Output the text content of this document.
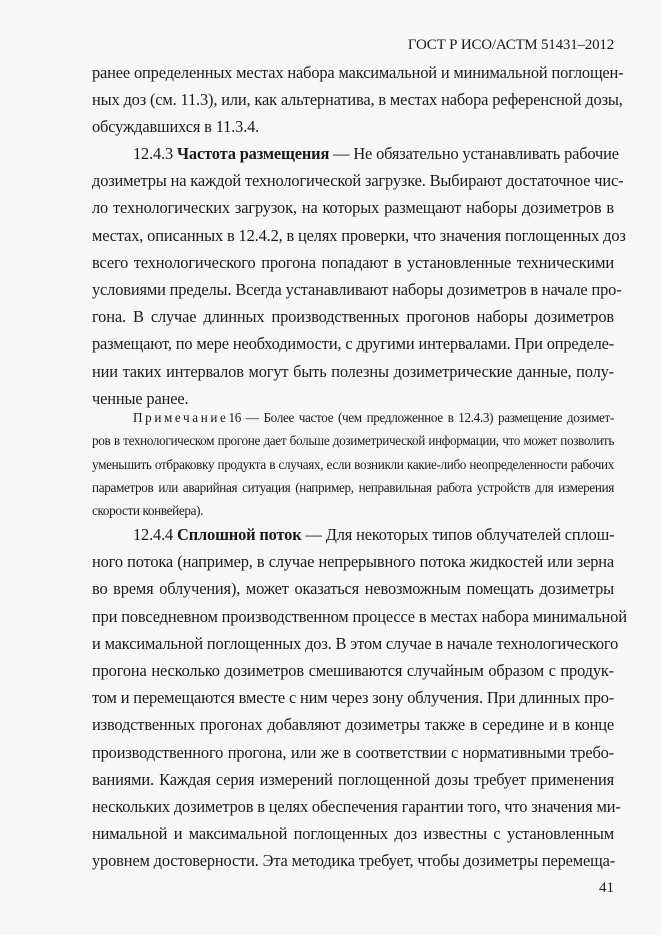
ГОСТ Р ИСО/АСТМ 51431–2012
ранее определенных местах набора максимальной и минимальной поглощен-
ных доз (см. 11.3), или, как альтернатива, в местах набора референсной дозы,
обсуждавшихся в 11.3.4.
12.4.3 Частота размещения — Не обязательно устанавливать рабочие
дозиметры на каждой технологической загрузке. Выбирают достаточное чис-
ло технологических загрузок, на которых размещают наборы дозиметров в
местах, описанных в 12.4.2, в целях проверки, что значения поглощенных доз
всего технологического прогона попадают в установленные техническими
условиями пределы. Всегда устанавливают наборы дозиметров в начале про-
гона. В случае длинных производственных прогонов наборы дозиметров
размещают, по мере необходимости, с другими интервалами. При определе-
нии таких интервалов могут быть полезны дозиметрические данные, полу-
ченные ранее.
Примечание16 — Более частое (чем предложенное в 12.4.3) размещение дозимет-
ров в технологическом прогоне дает больше дозиметрической информации, что может позволить
уменьшить отбраковку продукта в случаях, если возникли какие-либо неопределенности рабочих
параметров или аварийная ситуация (например, неправильная работа устройств для измерения
скорости конвейера).
12.4.4 Сплошной поток — Для некоторых типов облучателей сплош-
ного потока (например, в случае непрерывного потока жидкостей или зерна
во время облучения), может оказаться невозможным помещать дозиметры
при повседневном производственном процессе в местах набора минимальной
и максимальной поглощенных доз. В этом случае в начале технологического
прогона несколько дозиметров смешиваются случайным образом с продук-
том и перемещаются вместе с ним через зону облучения. При длинных про-
изводственных прогонах добавляют дозиметры также в середине и в конце
производственного прогона, или же в соответствии с нормативными требо-
ваниями. Каждая серия измерений поглощенной дозы требует применения
нескольких дозиметров в целях обеспечения гарантии того, что значения ми-
нимальной и максимальной поглощенных доз известны с установленным
уровнем достоверности. Эта методика требует, чтобы дозиметры перемеща-
41
